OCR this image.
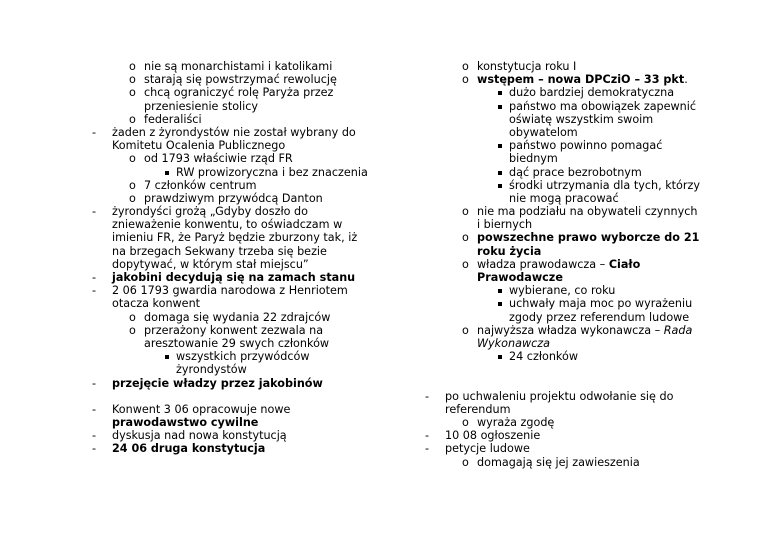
o nie są monarchistami i katolikami
o starają się powstrzymać rewolucję
o chcą ograniczyć rolę Paryża przez
przeniesienie stolicy
o federaliści
- żaden z żyrondystów nie został wybrany do
Komitetu Ocalenia Publicznego
o od 1793 właściwie rząd FR
RW prowizoryczna i bez znaczenia
o 7 członków centrum
o prawdziwym przywódcą Danton
- żyrondyści grożą „Gdyby doszło do
znieważenie konwentu, to oświadczam w
imieniu FR, że Paryż będzie zburzony tak, iż
na brzegach Sekwany trzeba się bezie
dopytywać, w którym stał miejscu”
- jakobini decydują się na zamach stanu
- 2 06 1793 gwardia narodowa z Henriotem
otacza konwent
o domaga się wydania 22 zdrajców
o przerażony konwent zezwala na
aresztowanie 29 swych członków
wszystkich przywódców
żyrondystów
- przejęcie władzy przez jakobinów
- Konwent 3 06 opracowuje nowe
prawodawstwo cywilne
- dyskusja nad nowa konstytucją
- 24 06 druga konstytucja
o konstytucja roku I
o wstępem – nowa DPCziO – 33 pkt.
dużo bardziej demokratyczna
państwo ma obowiązek zapewnić
oświatę wszystkim swoim
obywatelom
państwo powinno pomagać
biednym
dąć prace bezrobotnym
środki utrzymania dla tych, którzy
nie mogą pracować
o nie ma podziału na obywateli czynnych
i biernych
o powszechne prawo wyborcze do 21
roku życia
o władza prawodawcza – Ciało
Prawodawcze
wybierane, co roku
uchwały maja moc po wyrażeniu
zgody przez referendum ludowe
o najwyższa władza wykonawcza – Rada
Wykonawcza
24 członków
- po uchwaleniu projektu odwołanie się do
referendum
o wyraża zgodę
- 10 08 ogłoszenie
- petycje ludowe
o domagają się jej zawieszenia
